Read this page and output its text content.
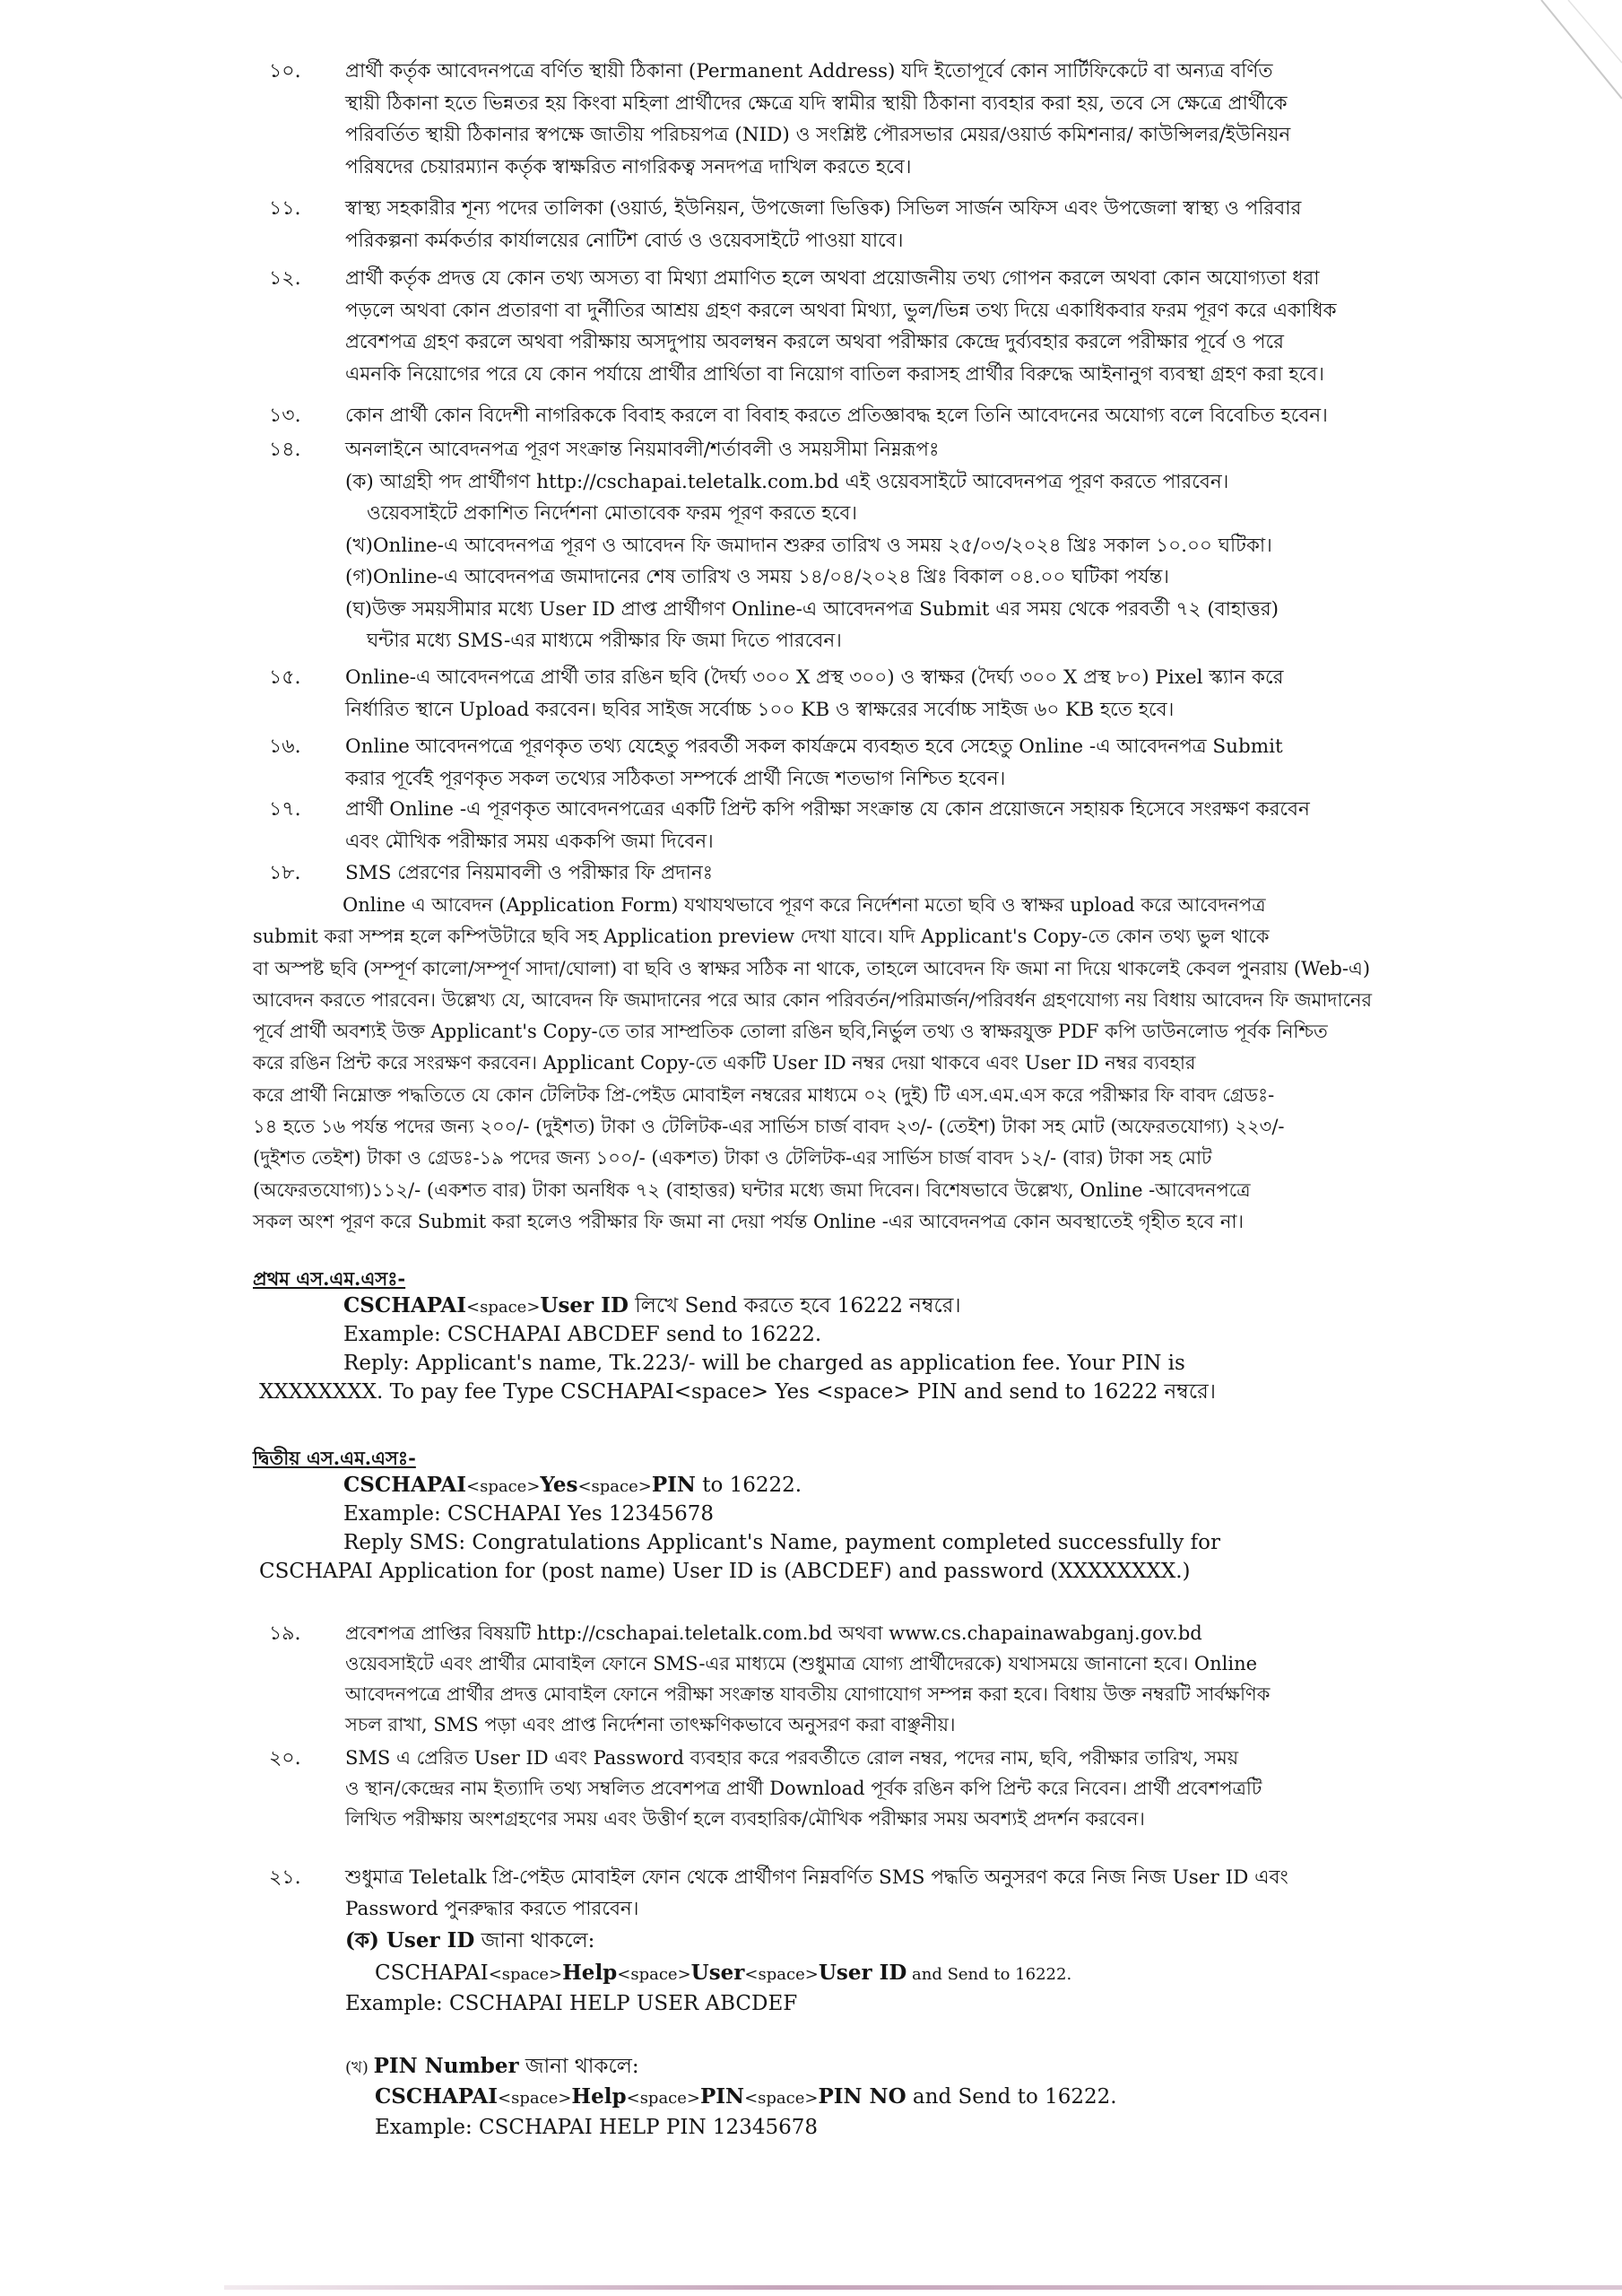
১০.	প্রার্থী কর্তৃক আবেদনপত্রে বর্ণিত স্থায়ী ঠিকানা (Permanent Address) যদি ইতোপূর্বে কোন সার্টিফিকেটে বা অন্যত্র বর্ণিত

স্থায়ী ঠিকানা হতে ভিন্নতর হয় কিংবা মহিলা প্রার্থীদের ক্ষেত্রে যদি স্বামীর স্থায়ী ঠিকানা ব্যবহার করা হয়, তবে সে ক্ষেত্রে প্রার্থীকে

পরিবর্তিত স্থায়ী ঠিকানার স্বপক্ষে জাতীয় পরিচয়পত্র (NID) ও সংশ্লিষ্ট পৌরসভার মেয়র/ওয়ার্ড কমিশনার/ কাউন্সিলর/ইউনিয়ন

পরিষদের চেয়ারম্যান কর্তৃক স্বাক্ষরিত নাগরিকত্ব সনদপত্র দাখিল করতে হবে।

১১.	স্বাস্থ্য সহকারীর শূন্য পদের তালিকা (ওয়ার্ড, ইউনিয়ন, উপজেলা ভিত্তিক) সিভিল সার্জন অফিস এবং উপজেলা স্বাস্থ্য ও পরিবার

পরিকল্পনা কর্মকর্তার কার্যালয়ের নোটিশ বোর্ড ও ওয়েবসাইটে পাওয়া যাবে।

১২.	প্রার্থী কর্তৃক প্রদত্ত যে কোন তথ্য অসত্য বা মিথ্যা প্রমাণিত হলে অথবা প্রয়োজনীয় তথ্য গোপন করলে অথবা কোন অযোগ্যতা ধরা

পড়লে অথবা কোন প্রতারণা বা দুর্নীতির আশ্রয় গ্রহণ করলে অথবা মিথ্যা, ভুল/ভিন্ন তথ্য দিয়ে একাধিকবার ফরম পূরণ করে একাধিক

প্রবেশপত্র গ্রহণ করলে অথবা পরীক্ষায় অসদুপায় অবলম্বন করলে অথবা পরীক্ষার কেন্দ্রে দুর্ব্যবহার করলে পরীক্ষার পূর্বে ও পরে

এমনকি নিয়োগের পরে যে কোন পর্যায়ে প্রার্থীর প্রার্থিতা বা নিয়োগ বাতিল করাসহ প্রার্থীর বিরুদ্ধে আইনানুগ ব্যবস্থা গ্রহণ করা হবে।

১৩.	কোন প্রার্থী কোন বিদেশী নাগরিককে বিবাহ করলে বা বিবাহ করতে প্রতিজ্ঞাবদ্ধ হলে তিনি আবেদনের অযোগ্য বলে বিবেচিত হবেন।

১৪.	অনলাইনে আবেদনপত্র পূরণ সংক্রান্ত নিয়মাবলী/শর্তাবলী ও সময়সীমা নিম্নরূপঃ

(ক) আগ্রহী পদ প্রার্থীগণ http://cschapai.teletalk.com.bd এই ওয়েবসাইটে আবেদনপত্র পূরণ করতে পারবেন।

ওয়েবসাইটে প্রকাশিত নির্দেশনা মোতাবেক ফরম পূরণ করতে হবে।

(খ)Online-এ আবেদনপত্র পূরণ ও আবেদন ফি জমাদান শুরুর তারিখ ও সময় ২৫/০৩/২০২৪ খ্রিঃ সকাল ১০.০০ ঘটিকা।

(গ)Online-এ আবেদনপত্র জমাদানের শেষ তারিখ ও সময় ১৪/০৪/২০২৪ খ্রিঃ বিকাল ০৪.০০ ঘটিকা পর্যন্ত।

(ঘ)উক্ত সময়সীমার মধ্যে User ID প্রাপ্ত প্রার্থীগণ Online-এ আবেদনপত্র Submit এর সময় থেকে পরবর্তী ৭২ (বাহাত্তর)

ঘন্টার মধ্যে SMS-এর মাধ্যমে পরীক্ষার ফি জমা দিতে পারবেন।

১৫.	Online-এ আবেদনপত্রে প্রার্থী তার রঙিন ছবি (দৈর্ঘ্য ৩০০ X প্রস্থ ৩০০) ও স্বাক্ষর (দৈর্ঘ্য ৩০০ X প্রস্থ ৮০) Pixel স্ক্যান করে

নির্ধারিত স্থানে Upload করবেন। ছবির সাইজ সর্বোচ্চ ১০০ KB ও স্বাক্ষরের সর্বোচ্চ সাইজ ৬০ KB হতে হবে।

১৬.	Online আবেদনপত্রে পূরণকৃত তথ্য যেহেতু পরবর্তী সকল কার্যক্রমে ব্যবহৃত হবে সেহেতু Online -এ আবেদনপত্র Submit

করার পূর্বেই পূরণকৃত সকল তথ্যের সঠিকতা সম্পর্কে প্রার্থী নিজে শতভাগ নিশ্চিত হবেন।

১৭.	প্রার্থী Online -এ পূরণকৃত আবেদনপত্রের একটি প্রিন্ট কপি পরীক্ষা সংক্রান্ত যে কোন প্রয়োজনে সহায়ক হিসেবে সংরক্ষণ করবেন

এবং মৌখিক পরীক্ষার সময় এককপি জমা দিবেন।

১৮.	SMS প্রেরণের নিয়মাবলী ও পরীক্ষার ফি প্রদানঃ

Online এ আবেদন (Application Form) যথাযথভাবে পূরণ করে নির্দেশনা মতো ছবি ও স্বাক্ষর upload করে আবেদনপত্র

submit করা সম্পন্ন হলে কম্পিউটারে ছবি সহ Application preview দেখা যাবে। যদি Applicant's Copy-তে কোন তথ্য ভুল থাকে

বা অস্পষ্ট ছবি (সম্পূর্ণ কালো/সম্পূর্ণ সাদা/ঘোলা) বা ছবি ও স্বাক্ষর সঠিক না থাকে, তাহলে আবেদন ফি জমা না দিয়ে থাকলেই কেবল পুনরায় (Web-এ)

আবেদন করতে পারবেন। উল্লেখ্য যে, আবেদন ফি জমাদানের পরে আর কোন পরিবর্তন/পরিমার্জন/পরিবর্ধন গ্রহণযোগ্য নয় বিধায় আবেদন ফি জমাদানের

পূর্বে প্রার্থী অবশ্যই উক্ত Applicant's Copy-তে তার সাম্প্রতিক তোলা রঙিন ছবি,নির্ভুল তথ্য ও স্বাক্ষরযুক্ত PDF কপি ডাউনলোড পূর্বক নিশ্চিত

করে রঙিন প্রিন্ট করে সংরক্ষণ করবেন। Applicant Copy-তে একটি User ID নম্বর দেয়া থাকবে এবং User ID নম্বর ব্যবহার

করে প্রার্থী নিম্নোক্ত পদ্ধতিতে যে কোন টেলিটক প্রি-পেইড মোবাইল নম্বরের মাধ্যমে ০২ (দুই) টি এস.এম.এস করে পরীক্ষার ফি বাবদ গ্রেডঃ-

১৪ হতে ১৬ পর্যন্ত পদের জন্য ২০০/- (দুইশত) টাকা ও টেলিটক-এর সার্ভিস চার্জ বাবদ ২৩/- (তেইশ) টাকা সহ মোট (অফেরতযোগ্য) ২২৩/-

(দুইশত তেইশ) টাকা ও গ্রেডঃ-১৯ পদের জন্য ১০০/- (একশত) টাকা ও টেলিটক-এর সার্ভিস চার্জ বাবদ ১২/- (বার) টাকা সহ মোট

(অফেরতযোগ্য)১১২/- (একশত বার) টাকা অনধিক ৭২ (বাহাত্তর) ঘন্টার মধ্যে জমা দিবেন। বিশেষভাবে উল্লেখ্য, Online -আবেদনপত্রে

সকল অংশ পূরণ করে Submit করা হলেও পরীক্ষার ফি জমা না দেয়া পর্যন্ত Online -এর আবেদনপত্র কোন অবস্থাতেই গৃহীত হবে না।

প্রথম এস.এম.এসঃ-
CSCHAPAI<space>User ID লিখে Send করতে হবে 16222 নম্বরে।
Example: CSCHAPAI ABCDEF send to 16222.
Reply: Applicant's name, Tk.223/- will be charged as application fee. Your PIN is
XXXXXXXX. To pay fee Type CSCHAPAI<space> Yes <space> PIN and send to 16222 নম্বরে।
দ্বিতীয় এস.এম.এসঃ-
CSCHAPAI<space>Yes<space>PIN to 16222.
Example: CSCHAPAI Yes 12345678
Reply SMS: Congratulations Applicant's Name, payment completed successfully for
CSCHAPAI Application for (post name) User ID is (ABCDEF) and password (XXXXXXXX.)
১৯.	প্রবেশপত্র প্রাপ্তির বিষয়টি http://cschapai.teletalk.com.bd অথবা www.cs.chapainawabganj.gov.bd

ওয়েবসাইটে এবং প্রার্থীর মোবাইল ফোনে SMS-এর মাধ্যমে (শুধুমাত্র যোগ্য প্রার্থীদেরকে) যথাসময়ে জানানো হবে। Online

আবেদনপত্রে প্রার্থীর প্রদত্ত মোবাইল ফোনে পরীক্ষা সংক্রান্ত যাবতীয় যোগাযোগ সম্পন্ন করা হবে। বিধায় উক্ত নম্বরটি সার্বক্ষণিক

সচল রাখা, SMS পড়া এবং প্রাপ্ত নির্দেশনা তাৎক্ষণিকভাবে অনুসরণ করা বাঞ্ছনীয়।

২০.	SMS এ প্রেরিত User ID এবং Password ব্যবহার করে পরবর্তীতে রোল নম্বর, পদের নাম, ছবি, পরীক্ষার তারিখ, সময়

ও স্থান/কেন্দ্রের নাম ইত্যাদি তথ্য সম্বলিত প্রবেশপত্র প্রার্থী Download পূর্বক রঙিন কপি প্রিন্ট করে নিবেন। প্রার্থী প্রবেশপত্রটি

লিখিত পরীক্ষায় অংশগ্রহণের সময় এবং উত্তীর্ণ হলে ব্যবহারিক/মৌখিক পরীক্ষার সময় অবশ্যই প্রদর্শন করবেন।

২১.	শুধুমাত্র Teletalk প্রি-পেইড মোবাইল ফোন থেকে প্রার্থীগণ নিম্নবর্ণিত SMS পদ্ধতি অনুসরণ করে নিজ নিজ User ID এবং

Password পুনরুদ্ধার করতে পারবেন।

(ক) User ID জানা থাকলে:
CSCHAPAI<space>Help<space>User<space>User ID and Send to 16222.
Example: CSCHAPAI HELP USER ABCDEF
(খ) PIN Number জানা থাকলে:
CSCHAPAI<space>Help<space>PIN<space>PIN NO and Send to 16222.
Example: CSCHAPAI HELP PIN 12345678
